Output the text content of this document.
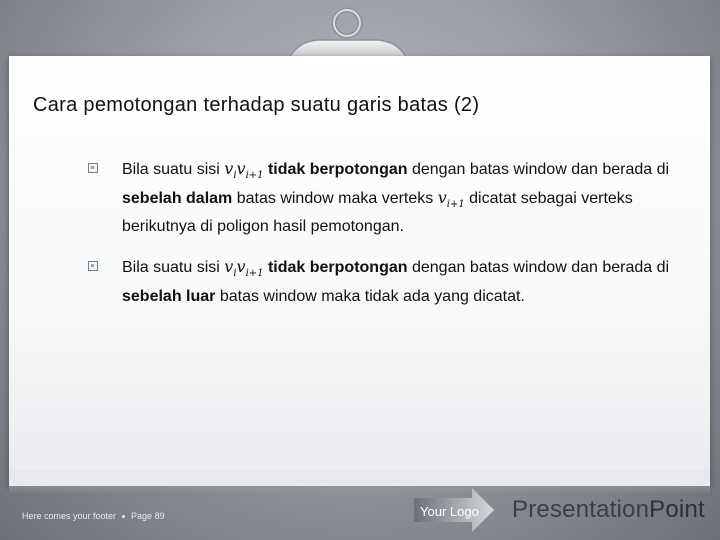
Cara pemotongan terhadap suatu garis batas (2)
Bila suatu sisi $v_iv_{i+1}$ tidak berpotongan dengan batas window dan berada di sebelah dalam batas window maka verteks $v_{i+1}$ dicatat sebagai verteks berikutnya di poligon hasil pemotongan.
Bila suatu sisi $v_iv_{i+1}$ tidak berpotongan dengan batas window dan berada di sebelah luar batas window maka tidak ada yang dicatat.
Here comes your footer Page 89	Your Logo PresentationPoint
